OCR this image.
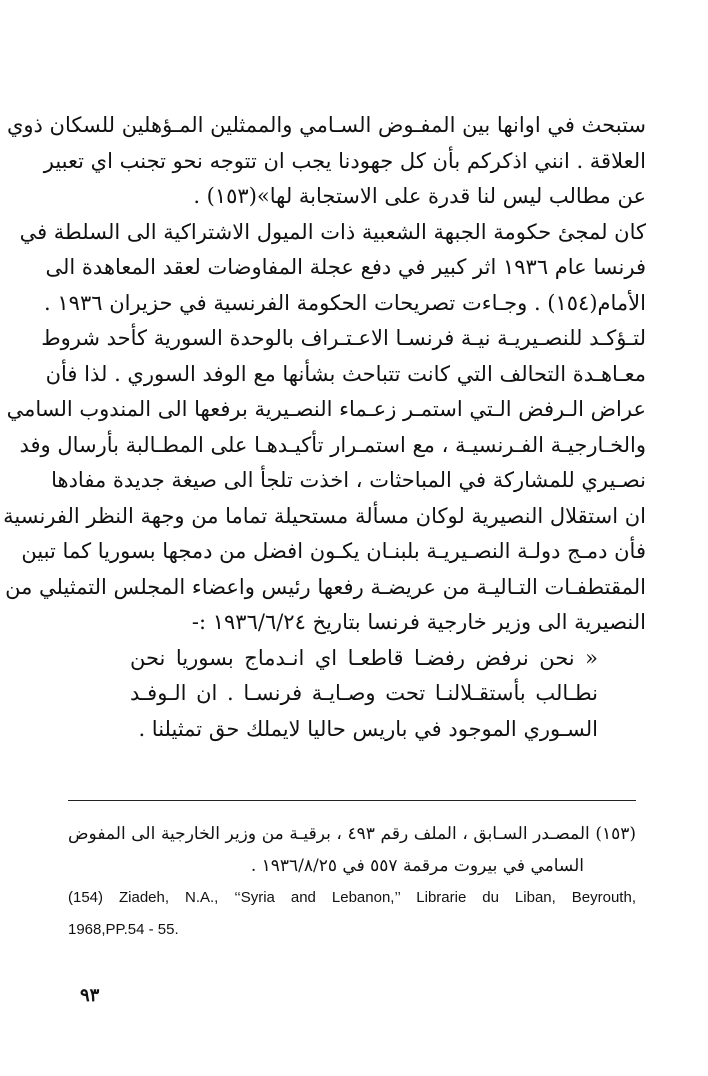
ستبحث في اوانها بين المفـوض السـامي والممثلين المـؤهلين للسكان ذوي
العلاقة . انني اذكركم بأن كل جهودنا يجب ان تتوجه نحو تجنب اي تعبير
عن مطالب ليس لنا قدرة على الاستجابة لها»(١٥٣) .
كان لمجئ حكومة الجبهة الشعبية ذات الميول الاشتراكية الى السلطة في
فرنسا عام ١٩٣٦ اثر كبير في دفع عجلة المفاوضات لعقد المعاهدة الى
الأمام(١٥٤) . وجـاءت تصريحات الحكومة الفرنسية في حزيران ١٩٣٦ .
لتـؤكـد للنصـيريـة نيـة فرنسـا الاعـتـراف بالوحدة السورية كأحد شروط
معـاهـدة التحالف التي كانت تتباحث بشأنها مع الوفد السوري . لذا فأن
عراض الـرفض الـتي استمـر زعـماء النصـيرية برفعها الى المندوب السامي
والخـارجيـة الفـرنسيـة ، مع استمـرار تأكيـدهـا على المطـالبة بأرسال وفد
نصـيري للمشاركة في المباحثات ، اخذت تلجأ الى صيغة جديدة مفادها
ان استقلال النصيرية لوكان مسألة مستحيلة تماما من وجهة النظر الفرنسية
فأن دمـج دولـة النصـيريـة بلبنـان يكـون افضل من دمجها بسوريا كما تبين
المقتطفـات التـاليـة من عريضـة رفعها رئيس واعضاء المجلس التمثيلي من
النصيرية الى وزير خارجية فرنسا بتاريخ ١٩٣٦/٦/٢٤ :-
« نحن نرفض رفضـا قاطعـا اي انـدماج بسوريا نحن
نطـالب بأستقـلالنـا تحت وصـايـة فرنسـا . ان الـوفـد
السـوري الموجود في باريس حاليا لايملك حق تمثيلنا .
(١٥٣) المصـدر السـابق ، الملف رقم ٤٩٣ ، برقيـة من وزير الخارجية الى المفوض
السامي في بيروت مرقمة ٥٥٧ في ١٩٣٦/٨/٢٥ .
(154) Ziadeh, N.A., ‘‘Syria and Lebanon,’’ Librarie du Liban, Beyrouth,
1968,PP.54 - 55.
٩٣
